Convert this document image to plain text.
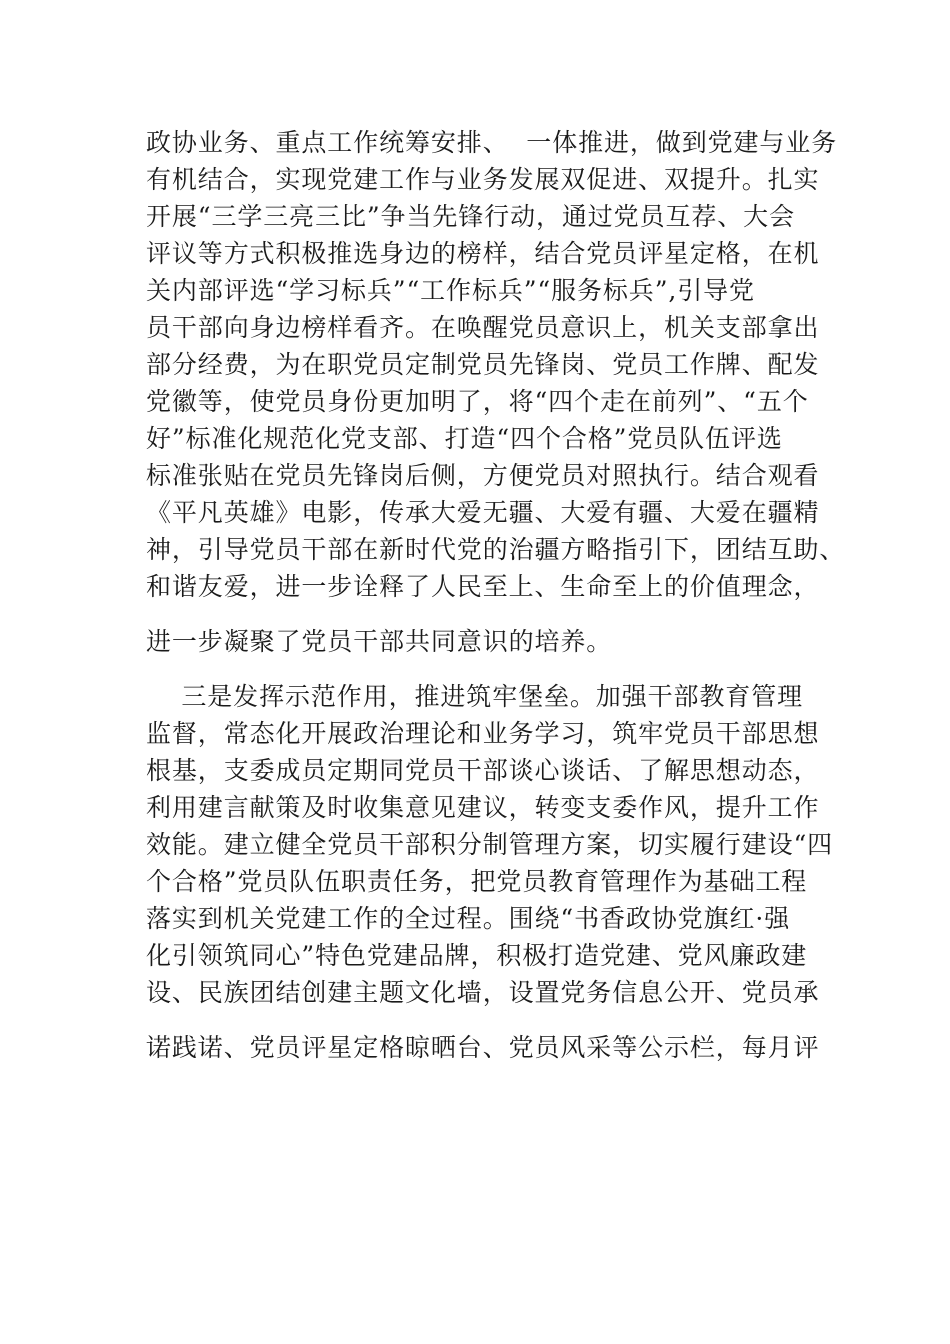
政协业务、重点工作统筹安排、  一体推进，做到党建与业务
有机结合，实现党建工作与业务发展双促进、双提升。扎实
开展“三学三亮三比”争当先锋行动，通过党员互荐、大会
评议等方式积极推选身边的榜样，结合党员评星定格，在机
关内部评选“学习标兵”“工作标兵”“服务标兵”,引导党
员干部向身边榜样看齐。在唤醒党员意识上，机关支部拿出
部分经费，为在职党员定制党员先锋岗、党员工作牌、配发
党徽等，使党员身份更加明了，将“四个走在前列”、“五个
好”标准化规范化党支部、打造“四个合格”党员队伍评选
标准张贴在党员先锋岗后侧，方便党员对照执行。结合观看
《平凡英雄》电影，传承大爱无疆、大爱有疆、大爱在疆精
神，引导党员干部在新时代党的治疆方略指引下，团结互助、
和谐友爱，进一步诠释了人民至上、生命至上的价值理念，
进一步凝聚了党员干部共同意识的培养。
三是发挥示范作用，推进筑牢堡垒。加强干部教育管理
监督，常态化开展政治理论和业务学习，筑牢党员干部思想
根基，支委成员定期同党员干部谈心谈话、了解思想动态，
利用建言献策及时收集意见建议，转变支委作风，提升工作
效能。建立健全党员干部积分制管理方案，切实履行建设“四
个合格”党员队伍职责任务，把党员教育管理作为基础工程
落实到机关党建工作的全过程。围绕“书香政协党旗红·强
化引领筑同心”特色党建品牌，积极打造党建、党风廉政建
设、民族团结创建主题文化墙，设置党务信息公开、党员承
诺践诺、党员评星定格晾晒台、党员风采等公示栏，每月评
